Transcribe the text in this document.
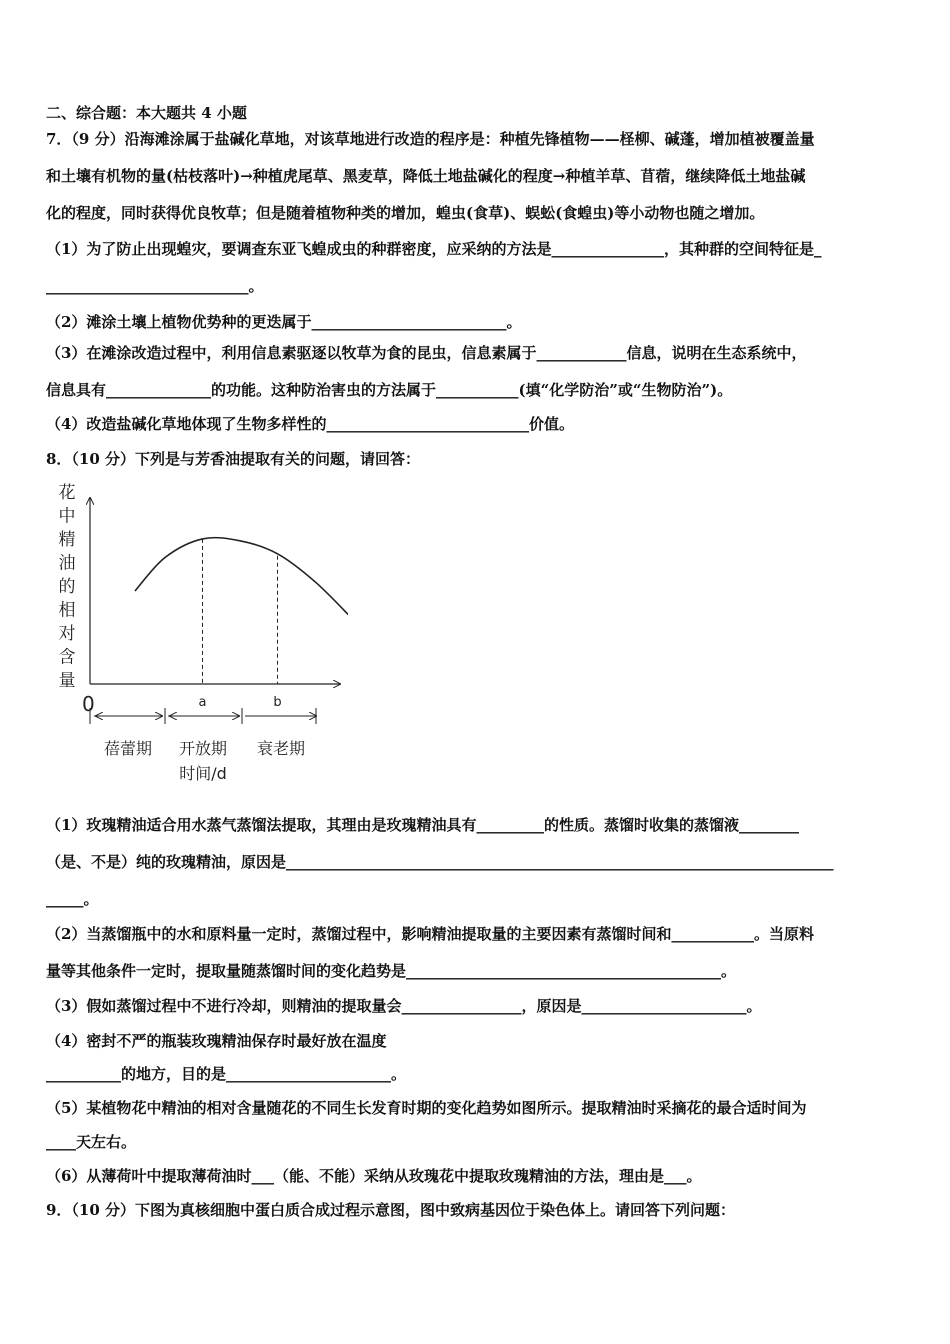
二、综合题：本大题共 4 小题
7．（9 分）沿海滩涂属于盐碱化草地，对该草地进行改造的程序是：种植先锋植物——柽柳、碱蓬，增加植被覆盖量
和土壤有机物的量(枯枝落叶)→种植虎尾草、黑麦草，降低土地盐碱化的程度→种植羊草、苜蓿，继续降低土地盐碱
化的程度，同时获得优良牧草；但是随着植物种类的增加，蝗虫(食草)、蜈蚣(食蝗虫)等小动物也随之增加。
（1）为了防止出现蝗灾，要调查东亚飞蝗成虫的种群密度，应采纳的方法是_______________，其种群的空间特征是_
___________________________。
（2）滩涂土壤上植物优势种的更迭属于__________________________。
（3）在滩涂改造过程中，利用信息素驱逐以牧草为食的昆虫，信息素属于____________信息，说明在生态系统中，
信息具有______________的功能。这种防治害虫的方法属于___________(填“化学防治”或“生物防治”)。
（4）改造盐碱化草地体现了生物多样性的___________________________价值。
8．（10 分）下列是与芳香油提取有关的问题，请回答：
花
中
精
油
的
相
对
含
量
0	a	b
蓓蕾期 开放期 衰老期
时间/d
（1）玫瑰精油适合用水蒸气蒸馏法提取，其理由是玫瑰精油具有_________的性质。蒸馏时收集的蒸馏液________
（是、不是）纯的玫瑰精油，原因是_________________________________________________________________________
_____。
（2）当蒸馏瓶中的水和原料量一定时，蒸馏过程中，影响精油提取量的主要因素有蒸馏时间和___________。当原料
量等其他条件一定时，提取量随蒸馏时间的变化趋势是__________________________________________。
（3）假如蒸馏过程中不进行冷却，则精油的提取量会________________，原因是______________________。
（4）密封不严的瓶装玫瑰精油保存时最好放在温度
__________的地方，目的是______________________。
（5）某植物花中精油的相对含量随花的不同生长发育时期的变化趋势如图所示。提取精油时采摘花的最合适时间为
____天左右。
（6）从薄荷叶中提取薄荷油时___（能、不能）采纳从玫瑰花中提取玫瑰精油的方法，理由是___。
9．（10 分）下图为真核细胞中蛋白质合成过程示意图，图中致病基因位于染色体上。请回答下列问题：
